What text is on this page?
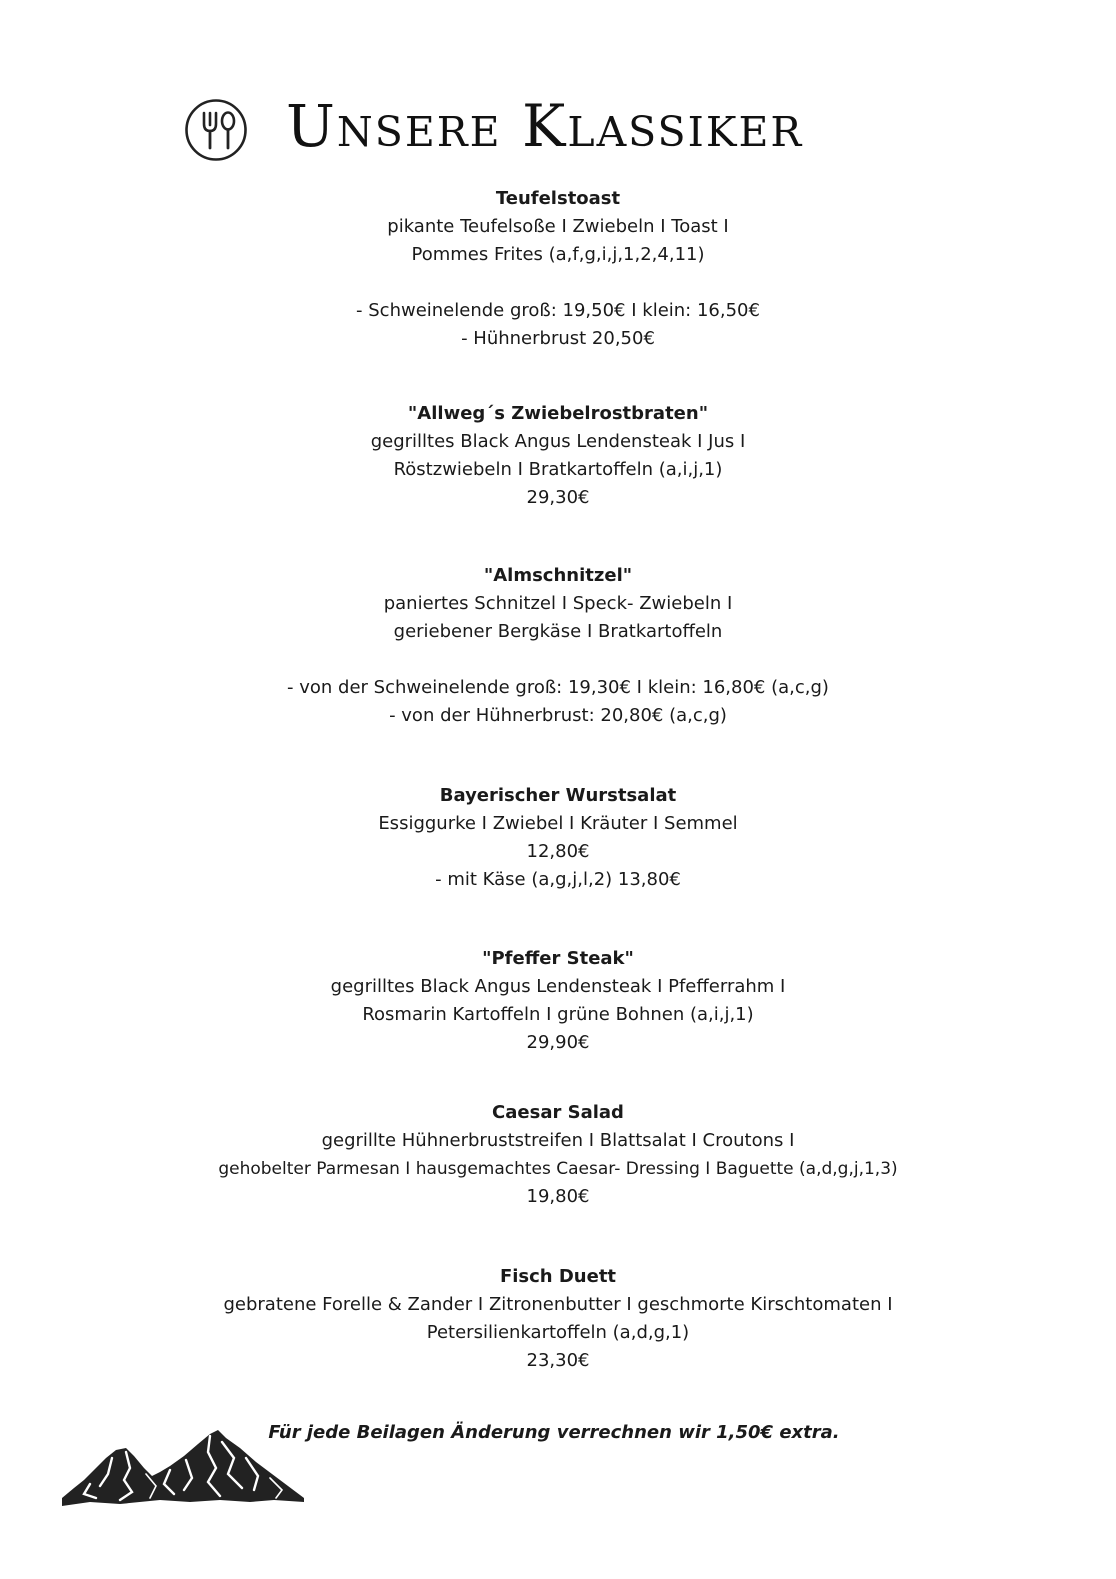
Unsere Klassiker
Teufelstoast
pikante Teufelsoße I Zwiebeln I Toast I
Pommes Frites (a,f,g,i,j,1,2,4,11)
- Schweinelende groß: 19,50€ I klein: 16,50€
- Hühnerbrust 20,50€
"Allweg´s Zwiebelrostbraten"
gegrilltes Black Angus Lendensteak I Jus I
Röstzwiebeln I Bratkartoffeln (a,i,j,1)
29,30€
"Almschnitzel"
paniertes Schnitzel I Speck- Zwiebeln I
geriebener Bergkäse I Bratkartoffeln
- von der Schweinelende groß: 19,30€ I klein: 16,80€ (a,c,g)
- von der Hühnerbrust: 20,80€ (a,c,g)
Bayerischer Wurstsalat
Essiggurke I Zwiebel I Kräuter I Semmel
12,80€
- mit Käse (a,g,j,l,2) 13,80€
"Pfeffer Steak"
gegrilltes Black Angus Lendensteak I Pfefferrahm I
Rosmarin Kartoffeln I grüne Bohnen (a,i,j,1)
29,90€
Caesar Salad
gegrillte Hühnerbruststreifen I Blattsalat I Croutons I
gehobelter Parmesan I hausgemachtes Caesar- Dressing I Baguette (a,d,g,j,1,3)
19,80€
Fisch Duett
gebratene Forelle & Zander I Zitronenbutter I geschmorte Kirschtomaten I
Petersilienkartoffeln (a,d,g,1)
23,30€
Für jede Beilagen Änderung verrechnen wir 1,50€ extra.
